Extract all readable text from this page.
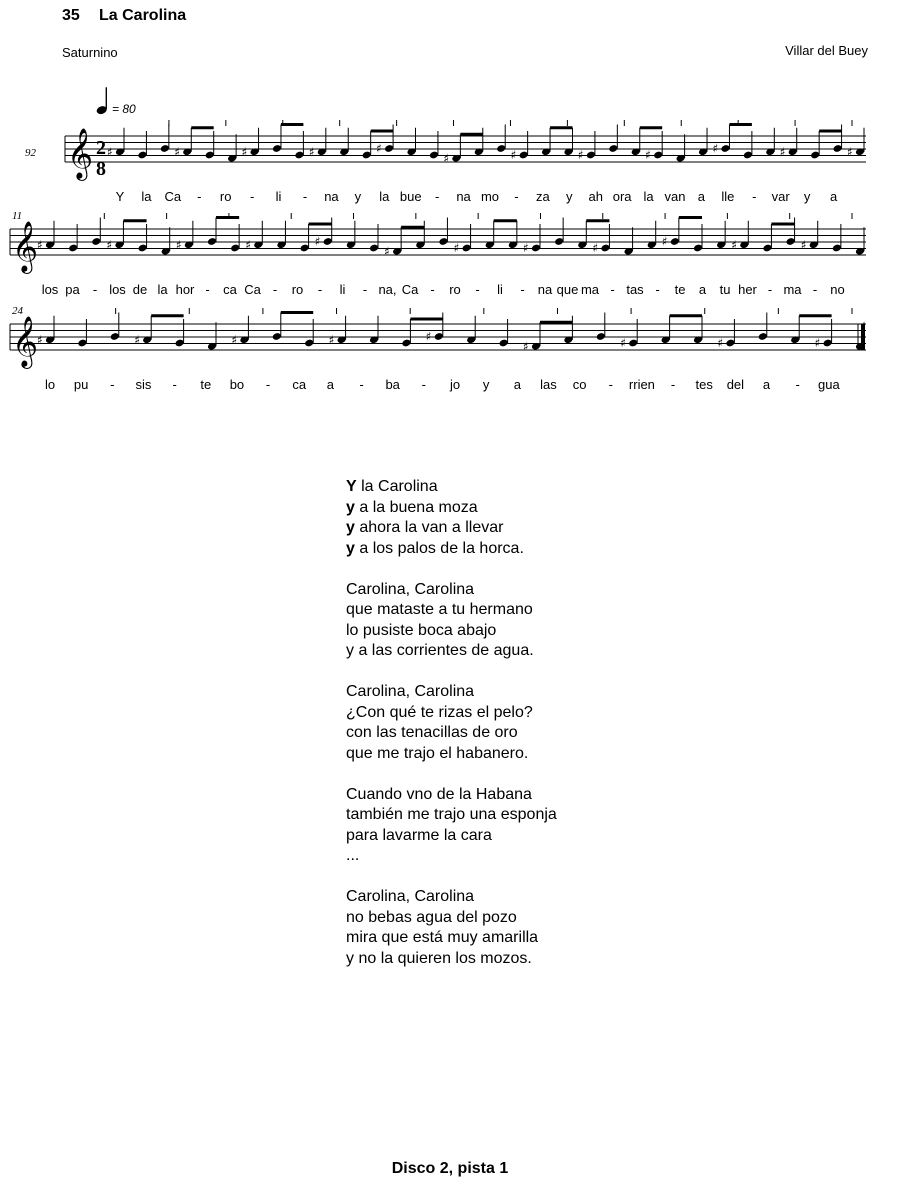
35 La Carolina
Saturnino	Villar del Buey
= 80
𝄞
𝄞
𝄞
♯	♯	♯	♯	♯
♯	♯	♯	♯	♯	♯	♯
♯	♯	♯	♯	♯
♯	♯	♯	♯	♯	♯	♯
♯	♯	♯	♯	♯
♯	♯	♯	♯
92
11
24
2
8
Y la Ca - ro - li - na y la bue - na mo - za y ah ora la van a lle - var y a
los pa - los de la hor - ca Ca - ro - li - na, Ca - ro - li - na que ma - tas - te a tu her - ma - no
lo pu - sis - te bo - ca a - ba - jo y a las co - rrien - tes del a - gua
Y la Carolina
y a la buena moza
y ahora la van a llevar
y a los palos de la horca.
Carolina, Carolina
que mataste a tu hermano
lo pusiste boca abajo
y a las corrientes de agua.
Carolina, Carolina
¿Con qué te rizas el pelo?
con las tenacillas de oro
que me trajo el habanero.
Cuando vno de la Habana
también me trajo una esponja
para lavarme la cara
...
Carolina, Carolina
no bebas agua del pozo
mira que está muy amarilla
y no la quieren los mozos.
Disco 2, pista 1
